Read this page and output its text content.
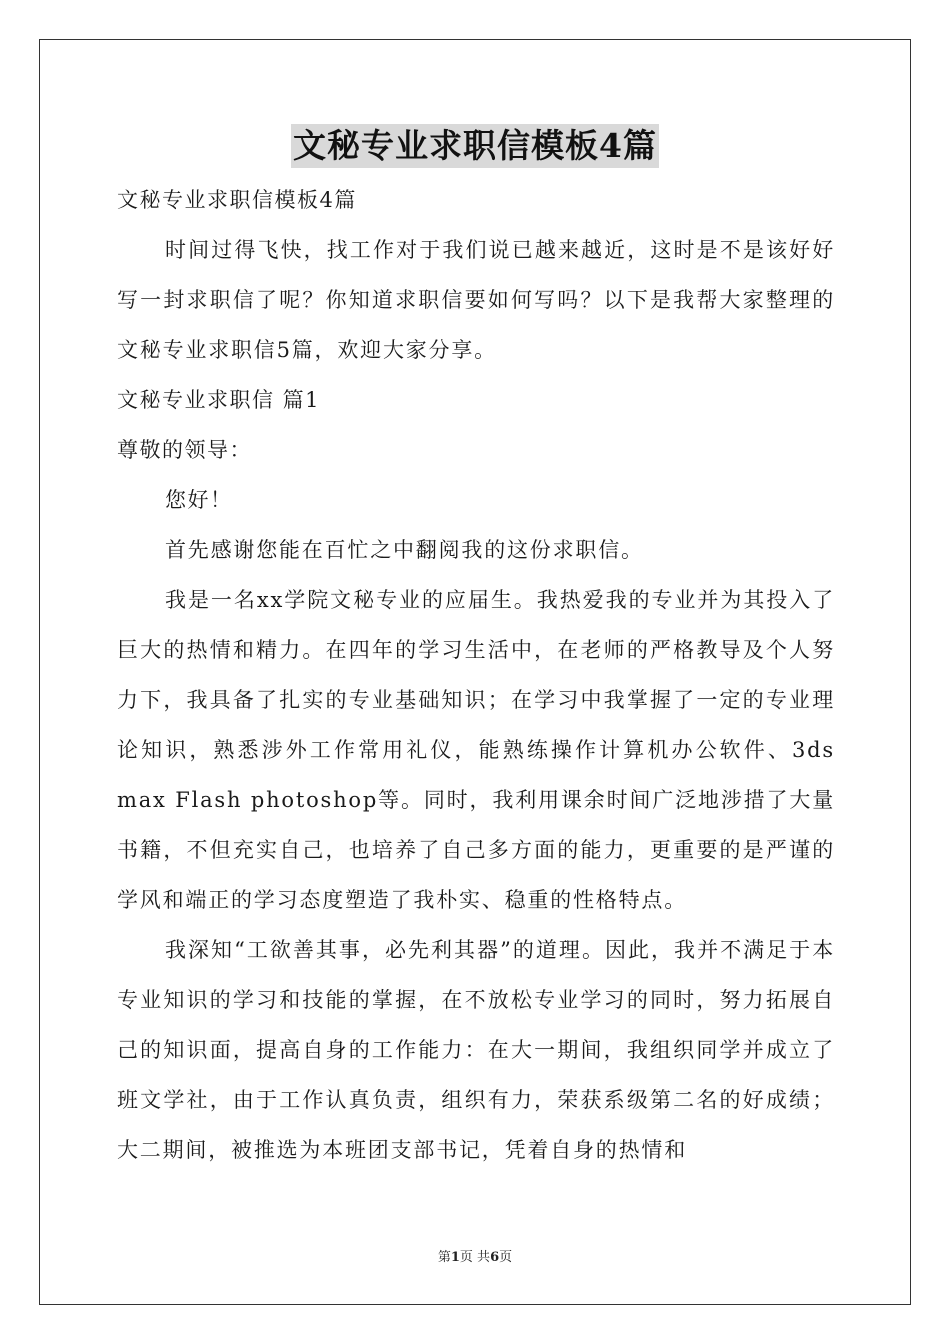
文秘专业求职信模板4篇
文秘专业求职信模板4篇
时间过得飞快，找工作对于我们说已越来越近，这时是不是该好好写一封求职信了呢？你知道求职信要如何写吗？以下是我帮大家整理的文秘专业求职信5篇，欢迎大家分享。
文秘专业求职信 篇1
尊敬的领导：
您好！
首先感谢您能在百忙之中翻阅我的这份求职信。
我是一名xx学院文秘专业的应届生。我热爱我的专业并为其投入了巨大的热情和精力。在四年的学习生活中，在老师的严格教导及个人努力下，我具备了扎实的专业基础知识；在学习中我掌握了一定的专业理论知识，熟悉涉外工作常用礼仪，能熟练操作计算机办公软件、3ds max Flash photoshop等。同时，我利用课余时间广泛地涉措了大量书籍，不但充实自己，也培养了自己多方面的能力，更重要的是严谨的学风和端正的学习态度塑造了我朴实、稳重的性格特点。
我深知“工欲善其事，必先利其器”的道理。因此，我并不满足于本专业知识的学习和技能的掌握，在不放松专业学习的同时，努力拓展自己的知识面，提高自身的工作能力：在大一期间，我组织同学并成立了班文学社，由于工作认真负责，组织有力，荣获系级第二名的好成绩；大二期间，被推选为本班团支部书记，凭着自身的热情和
第1页 共6页
